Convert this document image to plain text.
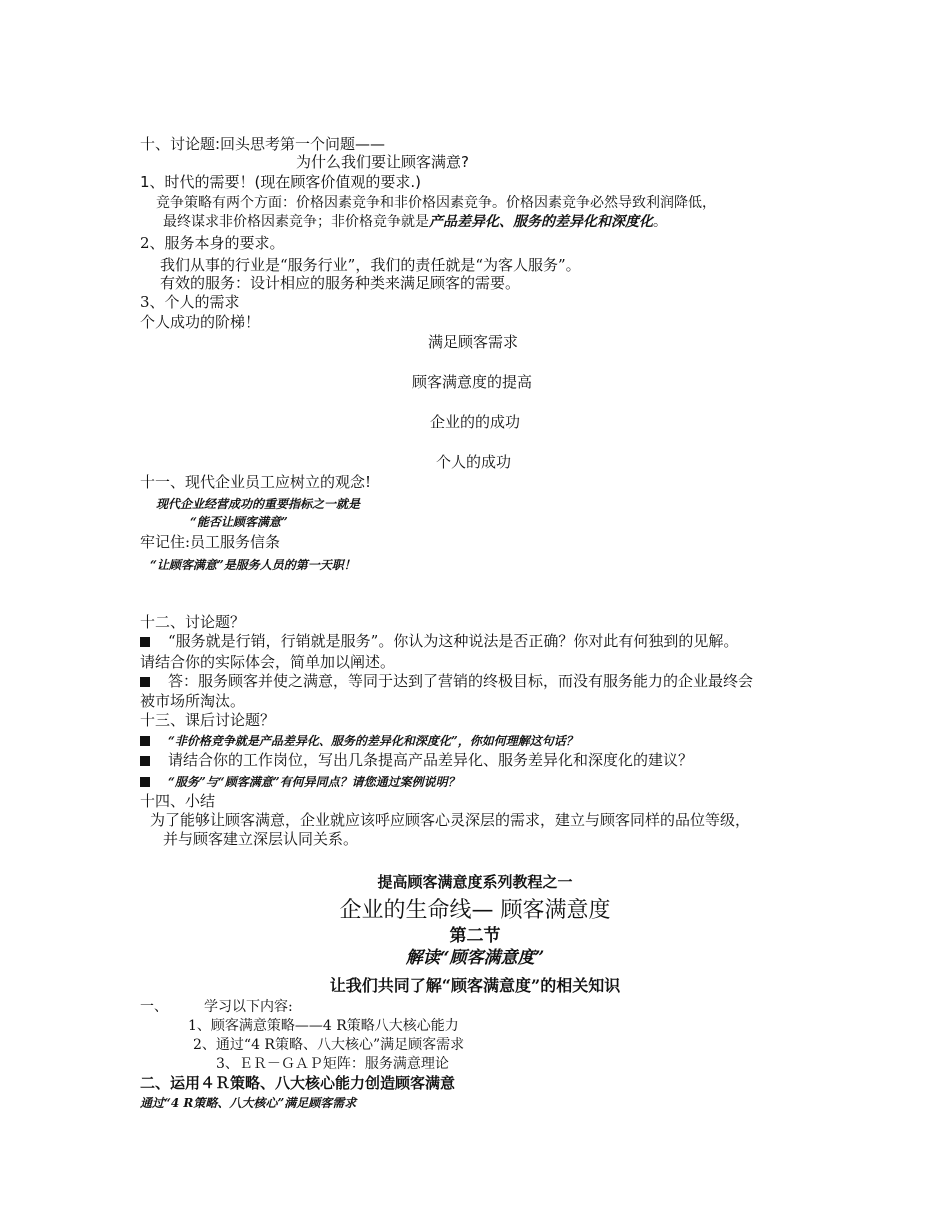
十、讨论题:回头思考第一个问题——
为什么我们要让顾客满意?
1、时代的需要！(现在顾客价值观的要求.)
竞争策略有两个方面：价格因素竞争和非价格因素竞争。价格因素竞争必然导致利润降低，
最终谋求非价格因素竞争；非价格竞争就是产品差异化、服务的差异化和深度化。
2、服务本身的要求。
我们从事的行业是“服务行业”，我们的责任就是“为客人服务”。
有效的服务：设计相应的服务种类来满足顾客的需要。
3、个人的需求
个人成功的阶梯！
满足顾客需求
顾客满意度的提高
企业的的成功
个人的成功
十一、现代企业员工应树立的观念!
现代企业经营成功的重要指标之一就是
“能否让顾客满意”
牢记住:员工服务信条
“让顾客满意”是服务人员的第一天职！
十二、讨论题？
“服务就是行销，行销就是服务”。你认为这种说法是否正确？你对此有何独到的见解。
请结合你的实际体会，简单加以阐述。
答：服务顾客并使之满意，等同于达到了营销的终极目标，而没有服务能力的企业最终会
被市场所淘汰。
十三、课后讨论题？
“非价格竞争就是产品差异化、服务的差异化和深度化”，你如何理解这句话？
请结合你的工作岗位，写出几条提高产品差异化、服务差异化和深度化的建议？
“服务”与“顾客满意”有何异同点？请您通过案例说明？
十四、小结
为了能够让顾客满意，企业就应该呼应顾客心灵深层的需求，建立与顾客同样的品位等级，
并与顾客建立深层认同关系。
提高顾客满意度系列教程之一
企业的生命线— 顾客满意度
第二节
解读“顾客满意度”
让我们共同了解“顾客满意度”的相关知识
一、	学习以下内容:
1、顾客满意策略——4 R策略八大核心能力
2、通过“4 R策略、八大核心”满足顾客需求
3、ＥＲ－ＧＡＰ矩阵：服务满意理论
二、运用４Ｒ策略、八大核心能力创造顾客满意
通过“4 R策略、八大核心”满足顾客需求
